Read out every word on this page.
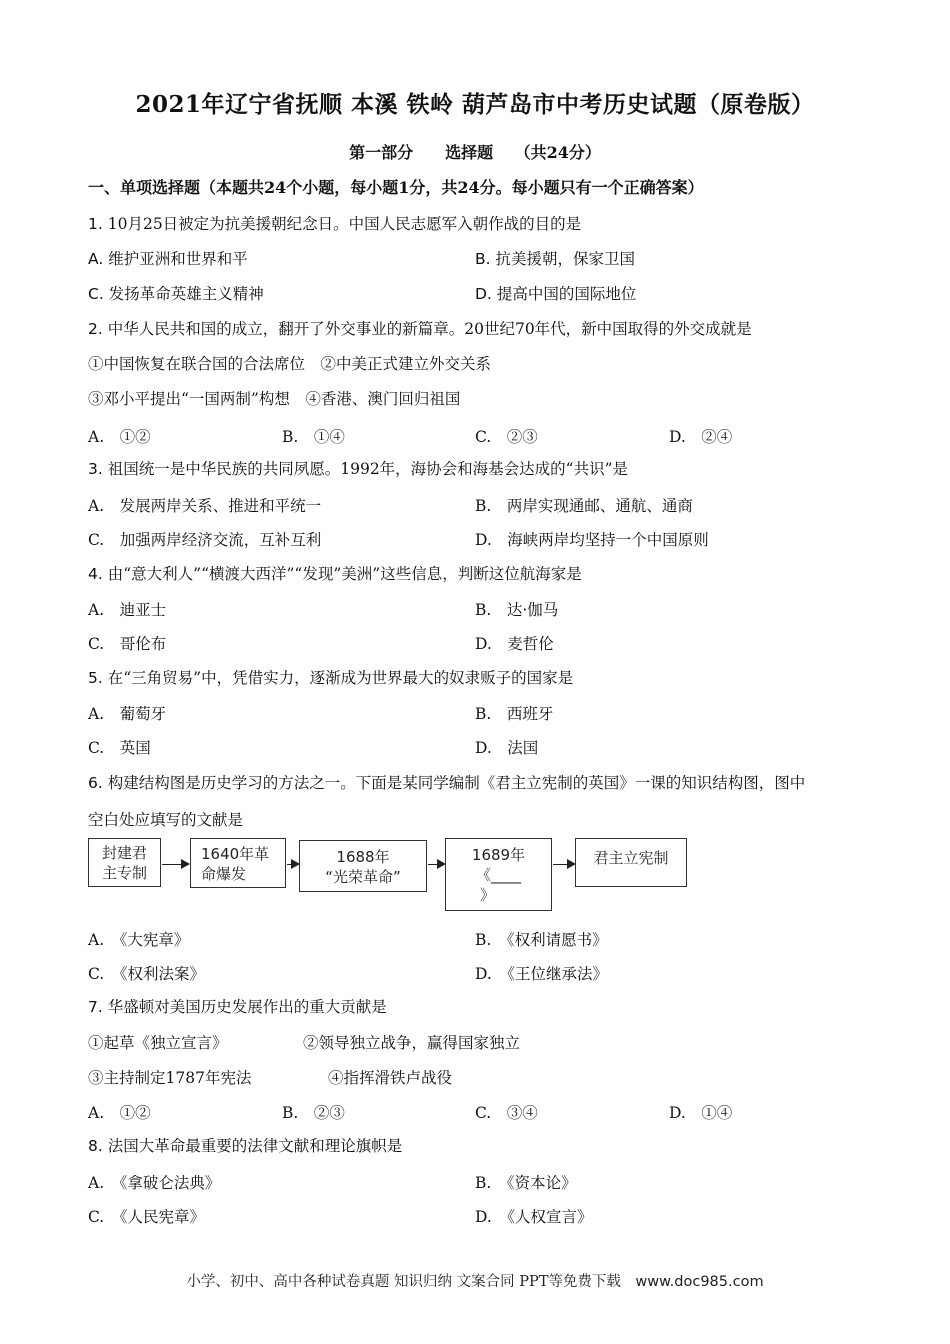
2021年辽宁省抚顺 本溪 铁岭 葫芦岛市中考历史试题（原卷版）
第一部分　　选择题　 （共24分）
一、单项选择题（本题共24个小题，每小题1分，共24分。每小题只有一个正确答案）
1. 10月25日被定为抗美援朝纪念日。中国人民志愿军入朝作战的目的是
A. 维护亚洲和世界和平	B. 抗美援朝，保家卫国
C. 发扬革命英雄主义精神	D. 提高中国的国际地位
2. 中华人民共和国的成立，翻开了外交事业的新篇章。20世纪70年代，新中国取得的外交成就是
①中国恢复在联合国的合法席位　②中美正式建立外交关系
③邓小平提出“一国两制”构想　④香港、澳门回归祖国
A.　①②	B.　①④	C.　②③	D.　②④
3. 祖国统一是中华民族的共同夙愿。1992年，海协会和海基会达成的“共识”是
A.　发展两岸关系、推进和平统一	B.　两岸实现通邮、通航、通商
C.　加强两岸经济交流，互补互利	D.　海峡两岸均坚持一个中国原则
4. 由“意大利人”“横渡大西洋”“发现”美洲”这些信息，判断这位航海家是
A.　迪亚士	B.　达·伽马
C.　哥伦布	D.　麦哲伦
5. 在“三角贸易”中，凭借实力，逐渐成为世界最大的奴隶贩子的国家是
A.　葡萄牙	B.　西班牙
C.　英国	D.　法国
6. 构建结构图是历史学习的方法之一。下面是某同学编制《君主立宪制的英国》一课的知识结构图，图中
空白处应填写的文献是
封建君
主专制
1640年革
命爆发
1688年
“光荣革命”
1689年
《____
》
君主立宪制
A.　《大宪章》	B.　《权利请愿书》
C.　《权利法案》	D.　《王位继承法》
7. 华盛顿对美国历史发展作出的重大贡献是
①起草《独立宣言》	②领导独立战争，赢得国家独立
③主持制定1787年宪法	④指挥滑铁卢战役
A.　①②	B.　②③	C.　③④	D.　①④
8. 法国大革命最重要的法律文献和理论旗帜是
A.　《拿破仑法典》	B.　《资本论》
C.　《人民宪章》	D.　《人权宣言》
小学、初中、高中各种试卷真题 知识归纳 文案合同 PPT等免费下载　www.doc985.com
